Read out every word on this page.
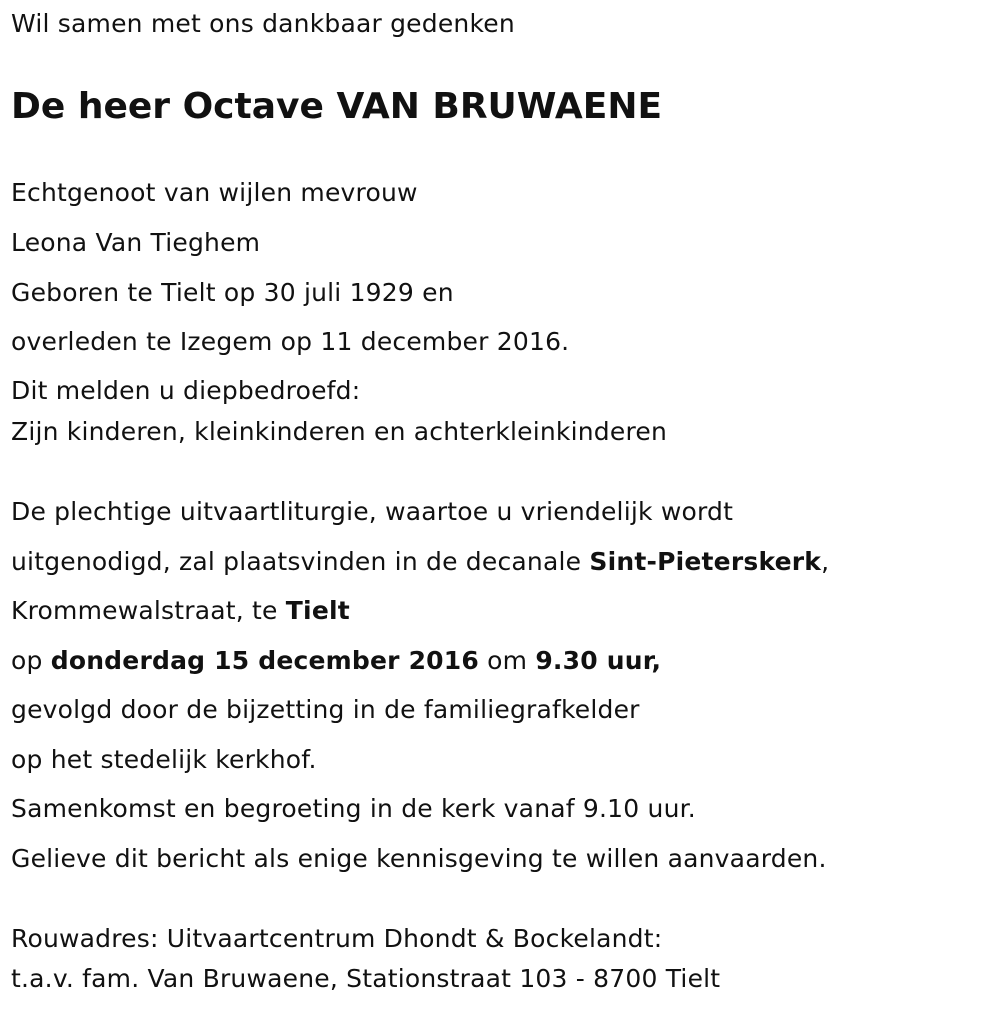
Wil samen met ons dankbaar gedenken

De heer Octave VAN BRUWAENE

Echtgenoot van wijlen mevrouw

Leona Van Tieghem

Geboren te Tielt op 30 juli 1929 en

overleden te Izegem op 11 december 2016.

Dit melden u diepbedroefd:

Zijn kinderen, kleinkinderen en achterkleinkinderen

De plechtige uitvaartliturgie, waartoe u vriendelijk wordt

uitgenodigd, zal plaatsvinden in de decanale Sint-Pieterskerk,

Krommewalstraat, te Tielt

op donderdag 15 december 2016 om 9.30 uur,

gevolgd door de bijzetting in de familiegrafkelder

op het stedelijk kerkhof.

Samenkomst en begroeting in de kerk vanaf 9.10 uur.

Gelieve dit bericht als enige kennisgeving te willen aanvaarden.

Rouwadres: Uitvaartcentrum Dhondt & Bockelandt:

t.a.v. fam. Van Bruwaene, Stationstraat 103 - 8700 Tielt
